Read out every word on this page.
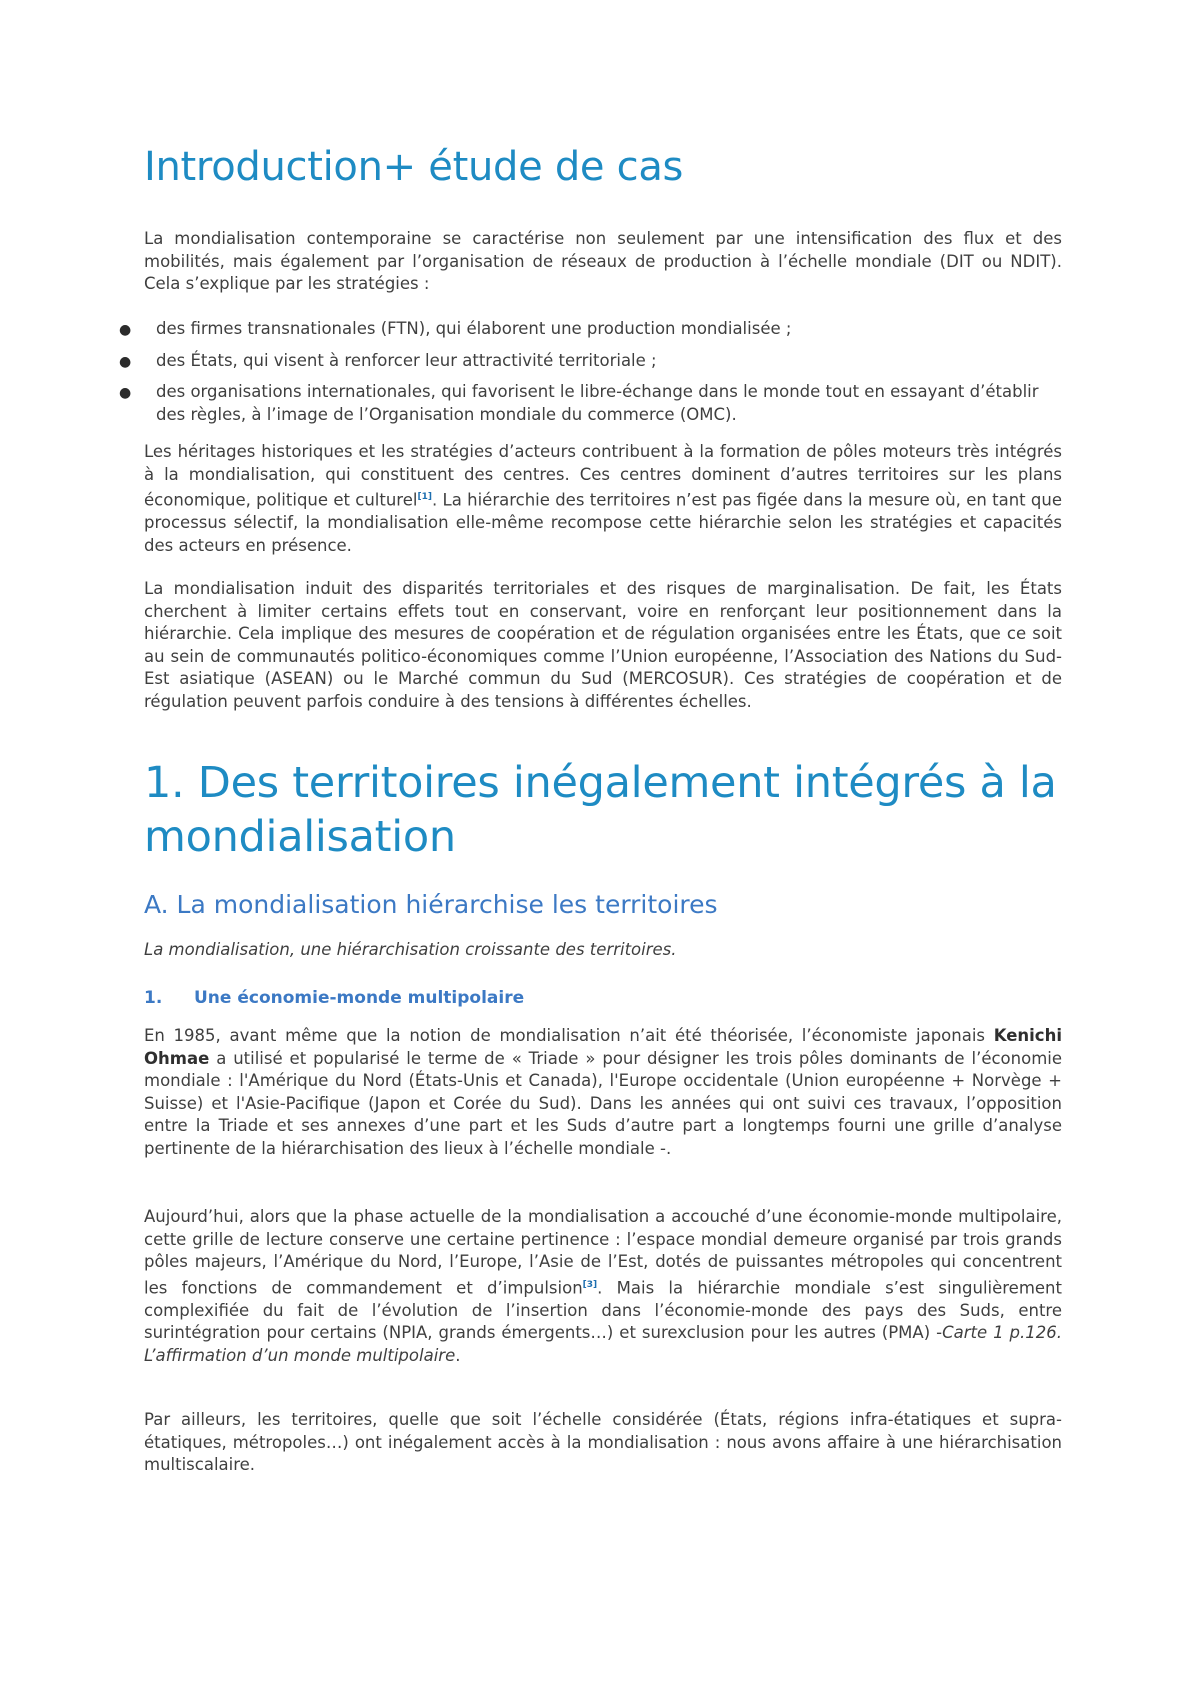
Introduction+ étude de cas

La mondialisation contemporaine se caractérise non seulement par une intensification des flux et des mobilités, mais également par l’organisation de réseaux de production à l’échelle mondiale (DIT ou NDIT). Cela s’explique par les stratégies :

● des firmes transnationales (FTN), qui élaborent une production mondialisée ;
● des États, qui visent à renforcer leur attractivité territoriale ;
● des organisations internationales, qui favorisent le libre-échange dans le monde tout en essayant d’établir des règles, à l’image de l’Organisation mondiale du commerce (OMC).

Les héritages historiques et les stratégies d’acteurs contribuent à la formation de pôles moteurs très intégrés à la mondialisation, qui constituent des centres. Ces centres dominent d’autres territoires sur les plans économique, politique et culturel[1]. La hiérarchie des territoires n’est pas figée dans la mesure où, en tant que processus sélectif, la mondialisation elle-même recompose cette hiérarchie selon les stratégies et capacités des acteurs en présence.

La mondialisation induit des disparités territoriales et des risques de marginalisation. De fait, les États cherchent à limiter certains effets tout en conservant, voire en renforçant leur positionnement dans la hiérarchie. Cela implique des mesures de coopération et de régulation organisées entre les États, que ce soit au sein de communautés politico-économiques comme l’Union européenne, l’Association des Nations du Sud-Est asiatique (ASEAN) ou le Marché commun du Sud (MERCOSUR). Ces stratégies de coopération et de régulation peuvent parfois conduire à des tensions à différentes échelles.

1. Des territoires inégalement intégrés à la mondialisation
A. La mondialisation hiérarchise les territoires

La mondialisation, une hiérarchisation croissante des territoires.

1. Une économie-monde multipolaire

En 1985, avant même que la notion de mondialisation n’ait été théorisée, l’économiste japonais Kenichi Ohmae a utilisé et popularisé le terme de « Triade » pour désigner les trois pôles dominants de l’économie mondiale : l'Amérique du Nord (États-Unis et Canada), l'Europe occidentale (Union européenne + Norvège + Suisse) et l'Asie-Pacifique (Japon et Corée du Sud). Dans les années qui ont suivi ces travaux, l’opposition entre la Triade et ses annexes d’une part et les Suds d’autre part a longtemps fourni une grille d’analyse pertinente de la hiérarchisation des lieux à l’échelle mondiale -.

Aujourd’hui, alors que la phase actuelle de la mondialisation a accouché d’une économie-monde multipolaire, cette grille de lecture conserve une certaine pertinence : l’espace mondial demeure organisé par trois grands pôles majeurs, l’Amérique du Nord, l’Europe, l’Asie de l’Est, dotés de puissantes métropoles qui concentrent les fonctions de commandement et d’impulsion[3]. Mais la hiérarchie mondiale s’est singulièrement complexifiée du fait de l’évolution de l’insertion dans l’économie-monde des pays des Suds, entre surintégration pour certains (NPIA, grands émergents…) et surexclusion pour les autres (PMA) -Carte 1 p.126. L’affirmation d’un monde multipolaire.

Par ailleurs, les territoires, quelle que soit l’échelle considérée (États, régions infra-étatiques et supra-étatiques, métropoles…) ont inégalement accès à la mondialisation : nous avons affaire à une hiérarchisation multiscalaire.
